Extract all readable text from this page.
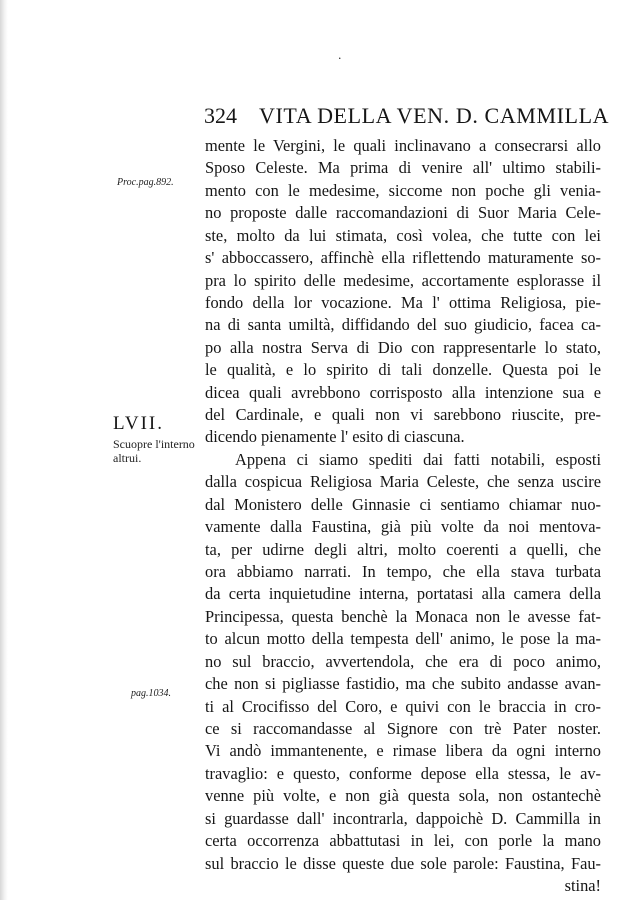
.
324 VITA DELLA VEN. D. CAMMILLA
Proc.pag.892.
LVII.
Scuopre l'interno
altrui.
pag.1034.
mente le Vergini, le quali inclinavano a consecrarsi allo
Sposo Celeste. Ma prima di venire all' ultimo stabili-
mento con le medesime, siccome non poche gli venia-
no proposte dalle raccomandazioni di Suor Maria Cele-
ste, molto da lui stimata, così volea, che tutte con lei
s' abboccassero, affinchè ella riflettendo maturamente so-
pra lo spirito delle medesime, accortamente esplorasse il
fondo della lor vocazione. Ma l' ottima Religiosa, pie-
na di santa umiltà, diffidando del suo giudicio, facea ca-
po alla nostra Serva di Dio con rappresentarle lo stato,
le qualità, e lo spirito di tali donzelle. Questa poi le
dicea quali avrebbono corrisposto alla intenzione sua e
del Cardinale, e quali non vi sarebbono riuscite, pre-
dicendo pienamente l' esito di ciascuna.
Appena ci siamo spediti dai fatti notabili, esposti
dalla cospicua Religiosa Maria Celeste, che senza uscire
dal Monistero delle Ginnasie ci sentiamo chiamar nuo-
vamente dalla Faustina, già più volte da noi mentova-
ta, per udirne degli altri, molto coerenti a quelli, che
ora abbiamo narrati. In tempo, che ella stava turbata
da certa inquietudine interna, portatasi alla camera della
Principessa, questa benchè la Monaca non le avesse fat-
to alcun motto della tempesta dell' animo, le pose la ma-
no sul braccio, avvertendola, che era di poco animo,
che non si pigliasse fastidio, ma che subito andasse avan-
ti al Crocifisso del Coro, e quivi con le braccia in cro-
ce si raccomandasse al Signore con trè Pater noster.
Vi andò immantenente, e rimase libera da ogni interno
travaglio: e questo, conforme depose ella stessa, le av-
venne più volte, e non già questa sola, non ostantechè
si guardasse dall' incontrarla, dappoichè D. Cammilla in
certa occorrenza abbattutasi in lei, con porle la mano
sul braccio le disse queste due sole parole: Faustina, Fau-
stina!
